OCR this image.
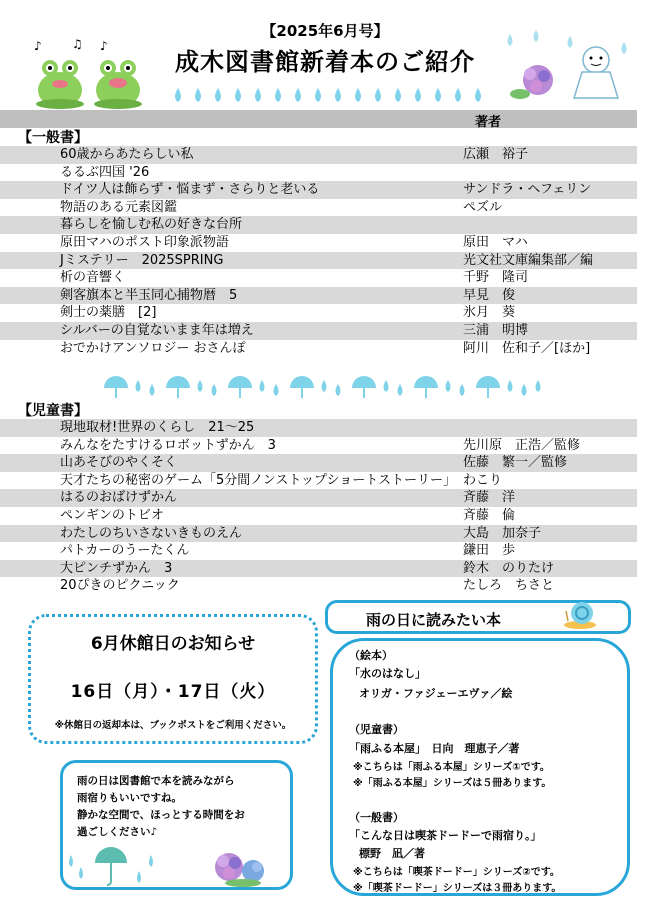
♪	♫ ♪
【2025年6月号】
成木図書館新着本のご紹介
著者
【一般書】
60歳からあたらしい私	広瀬　裕子
るるぶ四国 '26
ドイツ人は飾らず・悩まず・さらりと老いる	サンドラ・ヘフェリン
物語のある元素図鑑	ペズル
暮らしを愉しむ私の好きな台所
原田マハのポスト印象派物語	原田　マハ
Jミステリー　2025SPRING	光文社文庫編集部／編
析の音響く	千野　隆司
剣客旗本と半玉同心捕物暦　5	早見　俊
剣士の薬膳　[2]	氷月　葵
シルバーの自覚ないまま年は増え	三浦　明博
おでかけアンソロジー おさんぽ	阿川　佐和子／[ほか]
【児童書】
現地取材!世界のくらし　21～25
みんなをたすけるロボットずかん　3	先川原　正浩／監修
山あそびのやくそく	佐藤　繁一／監修
天才たちの秘密のゲーム「5分間ノンストップショートストーリー」 わこり
はるのおばけずかん	斉藤　洋
ペンギンのトビオ	斉藤　倫
わたしのちいさないきものえん	大島　加奈子
パトカーのうーたくん	鎌田　歩
大ピンチずかん　3	鈴木　のりたけ
20ぴきのピクニック	たしろ　ちさと
6月休館日のお知らせ
16日（月）・17日（火）
※休館日の返却本は、ブックポストをご利用ください。
雨の日は図書館で本を読みながら
雨宿りもいいですね。
静かな空間で、ほっとする時間をお
過ごしください♪
雨の日に読みたい本
（絵本）
「水のはなし」
オリガ・ファジェーエヴァ／絵
（児童書）
「雨ふる本屋」　日向　理恵子／著
※こちらは「雨ふる本屋」シリーズ①です。
※「雨ふる本屋」シリーズは５冊あります。
（一般書）
「こんな日は喫茶ドードーで雨宿り。」
標野　凪／著
※こちらは「喫茶ドードー」シリーズ②です。
※「喫茶ドードー」シリーズは３冊あります。
